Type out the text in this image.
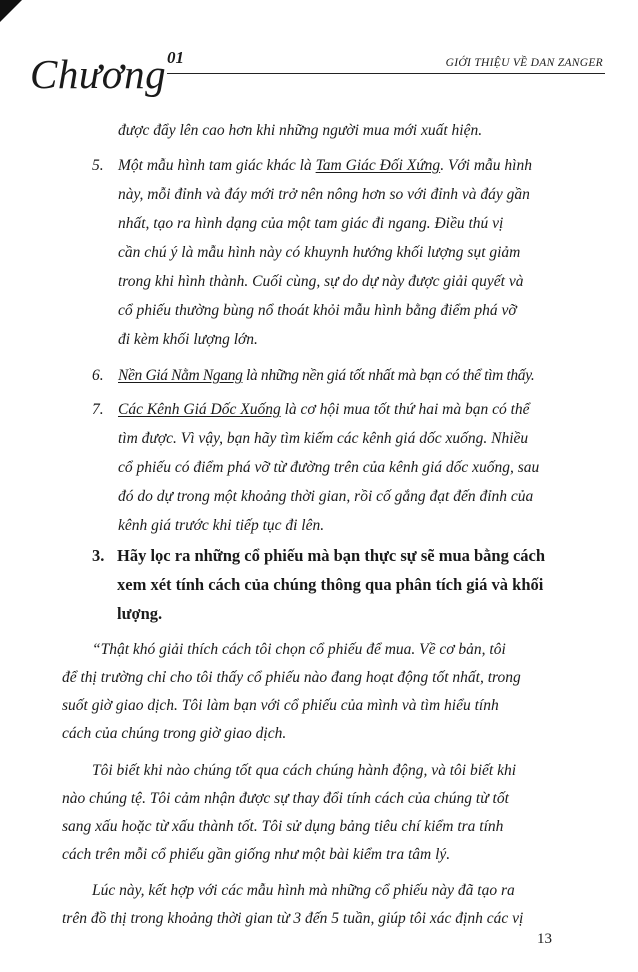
Chương 01	GIỚI THIỆU VỀ DAN ZANGER
được đẩy lên cao hơn khi những người mua mới xuất hiện.
5. Một mẫu hình tam giác khác là Tam Giác Đối Xứng. Với mẫu hình
này, mỗi đỉnh và đáy mới trở nên nông hơn so với đỉnh và đáy gần
nhất, tạo ra hình dạng của một tam giác đi ngang. Điều thú vị
cần chú ý là mẫu hình này có khuynh hướng khối lượng sụt giảm
trong khi hình thành. Cuối cùng, sự do dự này được giải quyết và
cổ phiếu thường bùng nổ thoát khỏi mẫu hình bằng điểm phá vỡ
đi kèm khối lượng lớn.
6. Nền Giá Nằm Ngang là những nền giá tốt nhất mà bạn có thể tìm thấy.
7. Các Kênh Giá Dốc Xuống là cơ hội mua tốt thứ hai mà bạn có thể
tìm được. Vì vậy, bạn hãy tìm kiếm các kênh giá dốc xuống. Nhiều
cổ phiếu có điểm phá vỡ từ đường trên của kênh giá dốc xuống, sau
đó do dự trong một khoảng thời gian, rồi cố gắng đạt đến đỉnh của
kênh giá trước khi tiếp tục đi lên.
3. Hãy lọc ra những cổ phiếu mà bạn thực sự sẽ mua bằng cách
xem xét tính cách của chúng thông qua phân tích giá và khối
lượng.
“Thật khó giải thích cách tôi chọn cổ phiếu để mua. Về cơ bản, tôi
để thị trường chỉ cho tôi thấy cổ phiếu nào đang hoạt động tốt nhất, trong
suốt giờ giao dịch. Tôi làm bạn với cổ phiếu của mình và tìm hiểu tính
cách của chúng trong giờ giao dịch.
Tôi biết khi nào chúng tốt qua cách chúng hành động, và tôi biết khi
nào chúng tệ. Tôi cảm nhận được sự thay đổi tính cách của chúng từ tốt
sang xấu hoặc từ xấu thành tốt. Tôi sử dụng bảng tiêu chí kiểm tra tính
cách trên mỗi cổ phiếu gần giống như một bài kiểm tra tâm lý.
Lúc này, kết hợp với các mẫu hình mà những cổ phiếu này đã tạo ra
trên đồ thị trong khoảng thời gian từ 3 đến 5 tuần, giúp tôi xác định các vị
13
